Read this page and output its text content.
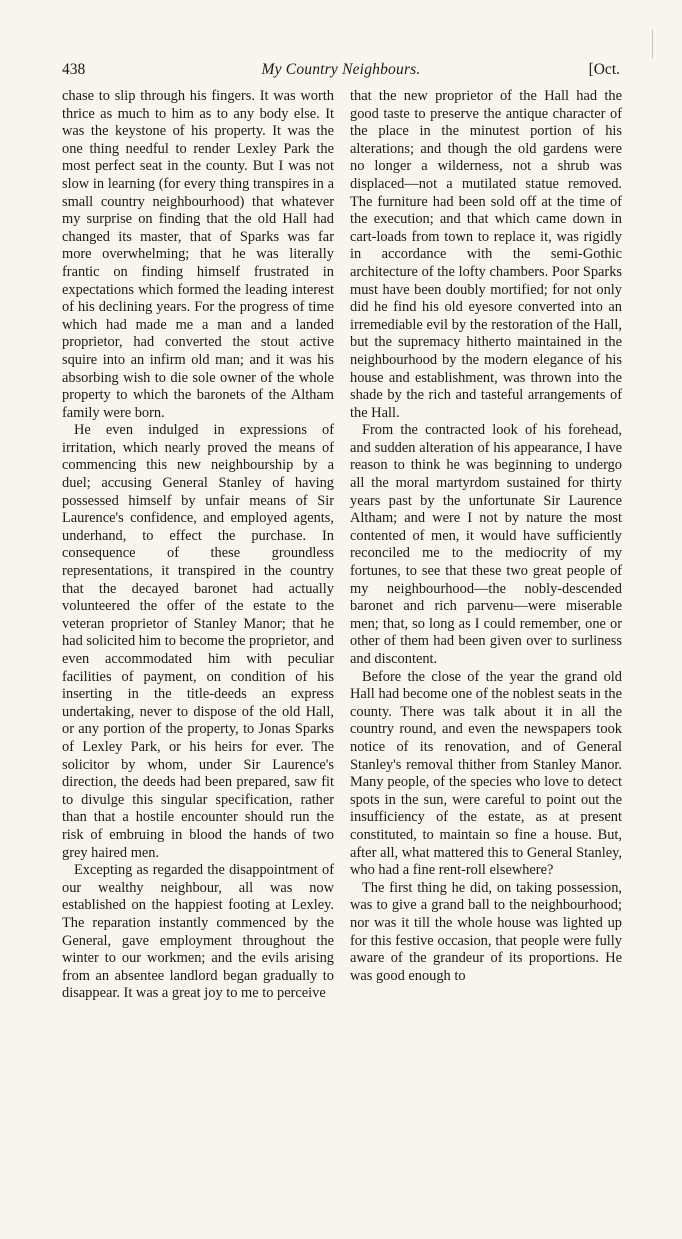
438	My Country Neighbours.	[Oct.

chase to slip through his fingers. It was worth thrice as much to him as to any body else. It was the keystone of his property. It was the one thing needful to render Lexley Park the most perfect seat in the county. But I was not slow in learning (for every thing transpires in a small country neighbourhood) that whatever my surprise on finding that the old Hall had changed its master, that of Sparks was far more overwhelming; that he was literally frantic on finding himself frustrated in expectations which formed the leading interest of his declining years. For the progress of time which had made me a man and a landed proprietor, had converted the stout active squire into an infirm old man; and it was his absorbing wish to die sole owner of the whole property to which the baronets of the Altham family were born.

He even indulged in expressions of irritation, which nearly proved the means of commencing this new neighbourship by a duel; accusing General Stanley of having possessed himself by unfair means of Sir Laurence's confidence, and employed agents, underhand, to effect the purchase. In consequence of these groundless representations, it transpired in the country that the decayed baronet had actually volunteered the offer of the estate to the veteran proprietor of Stanley Manor; that he had solicited him to become the proprietor, and even accommodated him with peculiar facilities of payment, on condition of his inserting in the title-deeds an express undertaking, never to dispose of the old Hall, or any portion of the property, to Jonas Sparks of Lexley Park, or his heirs for ever. The solicitor by whom, under Sir Laurence's direction, the deeds had been prepared, saw fit to divulge this singular specification, rather than that a hostile encounter should run the risk of embruing in blood the hands of two grey haired men.

Excepting as regarded the disappointment of our wealthy neighbour, all was now established on the happiest footing at Lexley. The reparation instantly commenced by the General, gave employment throughout the winter to our workmen; and the evils arising from an absentee landlord began gradually to disappear. It was a great joy to me to perceive

that the new proprietor of the Hall had the good taste to preserve the antique character of the place in the minutest portion of his alterations; and though the old gardens were no longer a wilderness, not a shrub was displaced—not a mutilated statue removed. The furniture had been sold off at the time of the execution; and that which came down in cart-loads from town to replace it, was rigidly in accordance with the semi-Gothic architecture of the lofty chambers. Poor Sparks must have been doubly mortified; for not only did he find his old eyesore converted into an irremediable evil by the restoration of the Hall, but the supremacy hitherto maintained in the neighbourhood by the modern elegance of his house and establishment, was thrown into the shade by the rich and tasteful arrangements of the Hall.

From the contracted look of his forehead, and sudden alteration of his appearance, I have reason to think he was beginning to undergo all the moral martyrdom sustained for thirty years past by the unfortunate Sir Laurence Altham; and were I not by nature the most contented of men, it would have sufficiently reconciled me to the mediocrity of my fortunes, to see that these two great people of my neighbourhood—the nobly-descended baronet and rich parvenu—were miserable men; that, so long as I could remember, one or other of them had been given over to surliness and discontent.

Before the close of the year the grand old Hall had become one of the noblest seats in the county. There was talk about it in all the country round, and even the newspapers took notice of its renovation, and of General Stanley's removal thither from Stanley Manor. Many people, of the species who love to detect spots in the sun, were careful to point out the insufficiency of the estate, as at present constituted, to maintain so fine a house. But, after all, what mattered this to General Stanley, who had a fine rent-roll elsewhere?

The first thing he did, on taking possession, was to give a grand ball to the neighbourhood; nor was it till the whole house was lighted up for this festive occasion, that people were fully aware of the grandeur of its proportions. He was good enough to
